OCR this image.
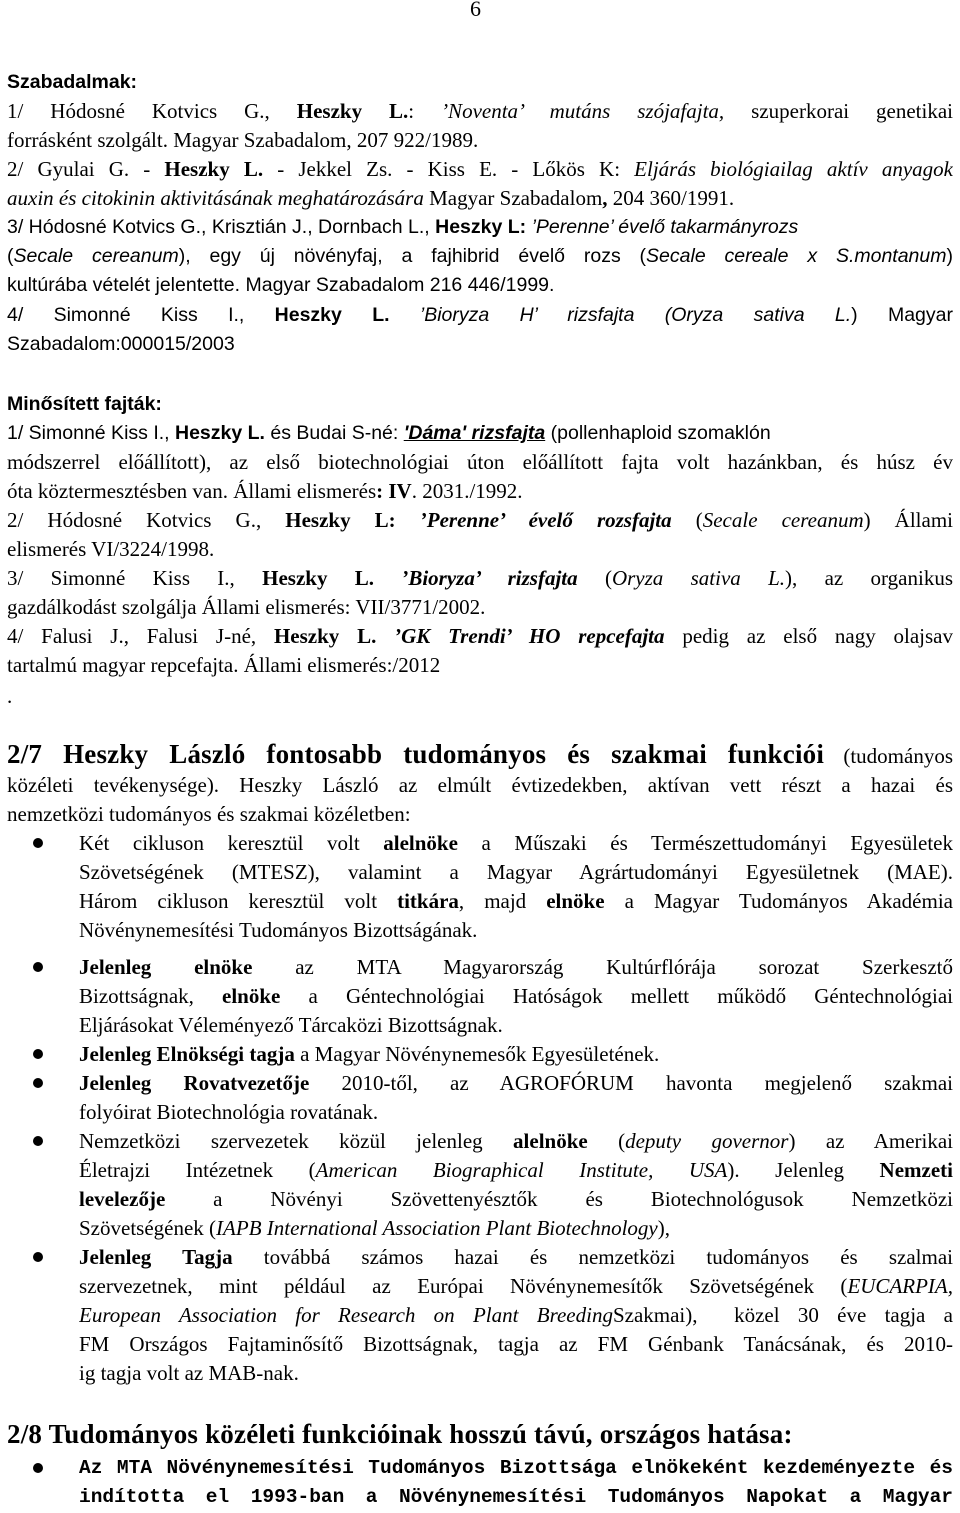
6
Szabadalmak:
1/ Hódosné Kotvics G., Heszky L.: ’Noventa’ mutáns szójafajta, szuperkorai genetikai
forrásként szolgált. Magyar Szabadalom, 207 922/1989.
2/ Gyulai G. - Heszky L. - Jekkel Zs. - Kiss E. - Lőkös K: Eljárás biológiailag aktív anyagok
auxin és citokinin aktivitásának meghatározására Magyar Szabadalom, 204 360/1991.
3/ Hódosné Kotvics G., Krisztián J., Dornbach L., Heszky L: ’Perenne’ évelő takarmányrozs
(Secale cereanum), egy új növényfaj, a fajhibrid évelő rozs (Secale cereale x S.montanum)
kultúrába vételét jelentette. Magyar Szabadalom 216 446/1999.
4/ Simonné Kiss I., Heszky L. ’Bioryza H’ rizsfajta (Oryza sativa L.) Magyar
Szabadalom:000015/2003
Minősített fajták:
1/ Simonné Kiss I., Heszky L. és Budai S-né: 'Dáma' rizsfajta (pollenhaploid szomaklón
módszerrel előállított), az első biotechnológiai úton előállított fajta volt hazánkban, és húsz év
óta köztermesztésben van. Állami elismerés: IV. 2031./1992.
2/ Hódosné Kotvics G., Heszky L: ’Perenne’ évelő rozsfajta (Secale cereanum) Állami
elismerés VI/3224/1998.
3/ Simonné Kiss I., Heszky L. ’Bioryza’ rizsfajta (Oryza sativa L.), az organikus
gazdálkodást szolgálja Állami elismerés: VII/3771/2002.
4/ Falusi J., Falusi J-né, Heszky L. ’GK Trendi’ HO repcefajta pedig az első nagy olajsav
tartalmú magyar repcefajta. Állami elismerés:/2012
.
2/7 Heszky László fontosabb tudományos és szakmai funkciói (tudományos
közéleti tevékenysége). Heszky László az elmúlt évtizedekben, aktívan vett részt a hazai és
nemzetközi tudományos és szakmai közéletben:
Két cikluson keresztül volt alelnöke a Műszaki és Természettudományi Egyesületek
Szövetségének (MTESZ), valamint a Magyar Agrártudományi Egyesületnek (MAE).
Három cikluson keresztül volt titkára, majd elnöke a Magyar Tudományos Akadémia
Növénynemesítési Tudományos Bizottságának.
Jelenleg elnöke az MTA Magyarország Kultúrflórája sorozat Szerkesztő
Bizottságnak, elnöke a Géntechnológiai Hatóságok mellett működő Géntechnológiai
Eljárásokat Véleményező Tárcaközi Bizottságnak.
Jelenleg Elnökségi tagja a Magyar Növénynemesők Egyesületének.
Jelenleg Rovatvezetője 2010-től, az AGROFÓRUM havonta megjelenő szakmai
folyóirat Biotechnológia rovatának.
Nemzetközi szervezetek közül jelenleg alelnöke (deputy governor) az Amerikai
Életrajzi Intézetnek (American Biographical Institute, USA). Jelenleg Nemzeti
levelezője a Növényi Szövettenyésztők és Biotechnológusok Nemzetközi
Szövetségének (IAPB International Association Plant Biotechnology),
Jelenleg Tagja továbbá számos hazai és nemzetközi tudományos és szalmai
szervezetnek, mint például az Európai Növénynemesítők Szövetségének (EUCARPIA,
European Association for Research on Plant BreedingSzakmai),  közel 30 éve tagja a
FM Országos Fajtaminősítő Bizottságnak, tagja az FM Génbank Tanácsának, és 2010-
ig tagja volt az MAB-nak.
2/8 Tudományos közéleti funkcióinak hosszú távú, országos hatása:
Az MTA Növénynemesítési Tudományos Bizottsága elnökeként kezdeményezte és
indította el 1993-ban a Növénynemesítési Tudományos Napokat a Magyar
